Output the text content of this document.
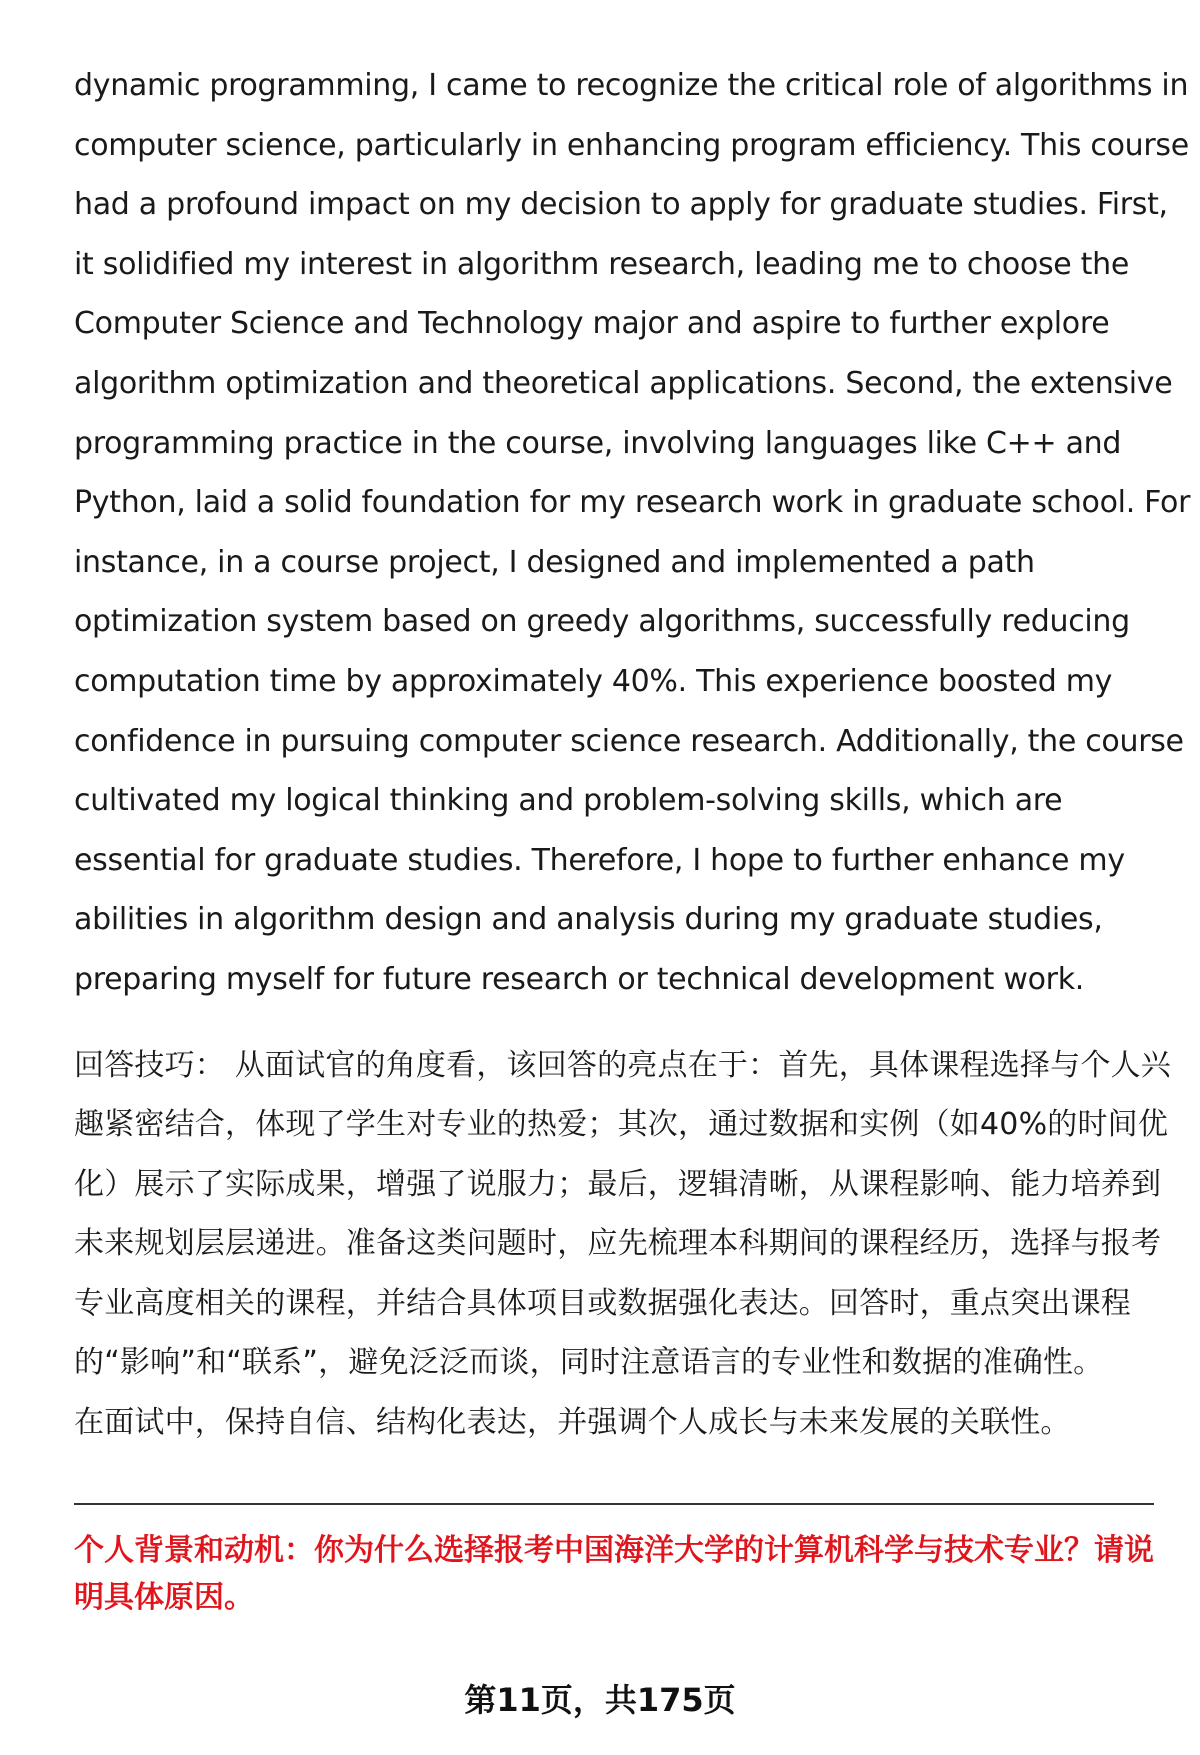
dynamic programming, I came to recognize the critical role of algorithms in
computer science, particularly in enhancing program efficiency. This course
had a profound impact on my decision to apply for graduate studies. First,
it solidified my interest in algorithm research, leading me to choose the
Computer Science and Technology major and aspire to further explore
algorithm optimization and theoretical applications. Second, the extensive
programming practice in the course, involving languages like C++ and
Python, laid a solid foundation for my research work in graduate school. For
instance, in a course project, I designed and implemented a path
optimization system based on greedy algorithms, successfully reducing
computation time by approximately 40%. This experience boosted my
confidence in pursuing computer science research. Additionally, the course
cultivated my logical thinking and problem-solving skills, which are
essential for graduate studies. Therefore, I hope to further enhance my
abilities in algorithm design and analysis during my graduate studies,
preparing myself for future research or technical development work.

回答技巧： 从面试官的角度看，该回答的亮点在于：首先，具体课程选择与个人兴
趣紧密结合，体现了学生对专业的热爱；其次，通过数据和实例（如40%的时间优
化）展示了实际成果，增强了说服力；最后，逻辑清晰，从课程影响、能力培养到
未来规划层层递进。准备这类问题时，应先梳理本科期间的课程经历，选择与报考
专业高度相关的课程，并结合具体项目或数据强化表达。回答时，重点突出课程
的“影响”和“联系”，避免泛泛而谈，同时注意语言的专业性和数据的准确性。
在面试中，保持自信、结构化表达，并强调个人成长与未来发展的关联性。

个人背景和动机：你为什么选择报考中国海洋大学的计算机科学与技术专业？请说
明具体原因。

第11页，共175页
